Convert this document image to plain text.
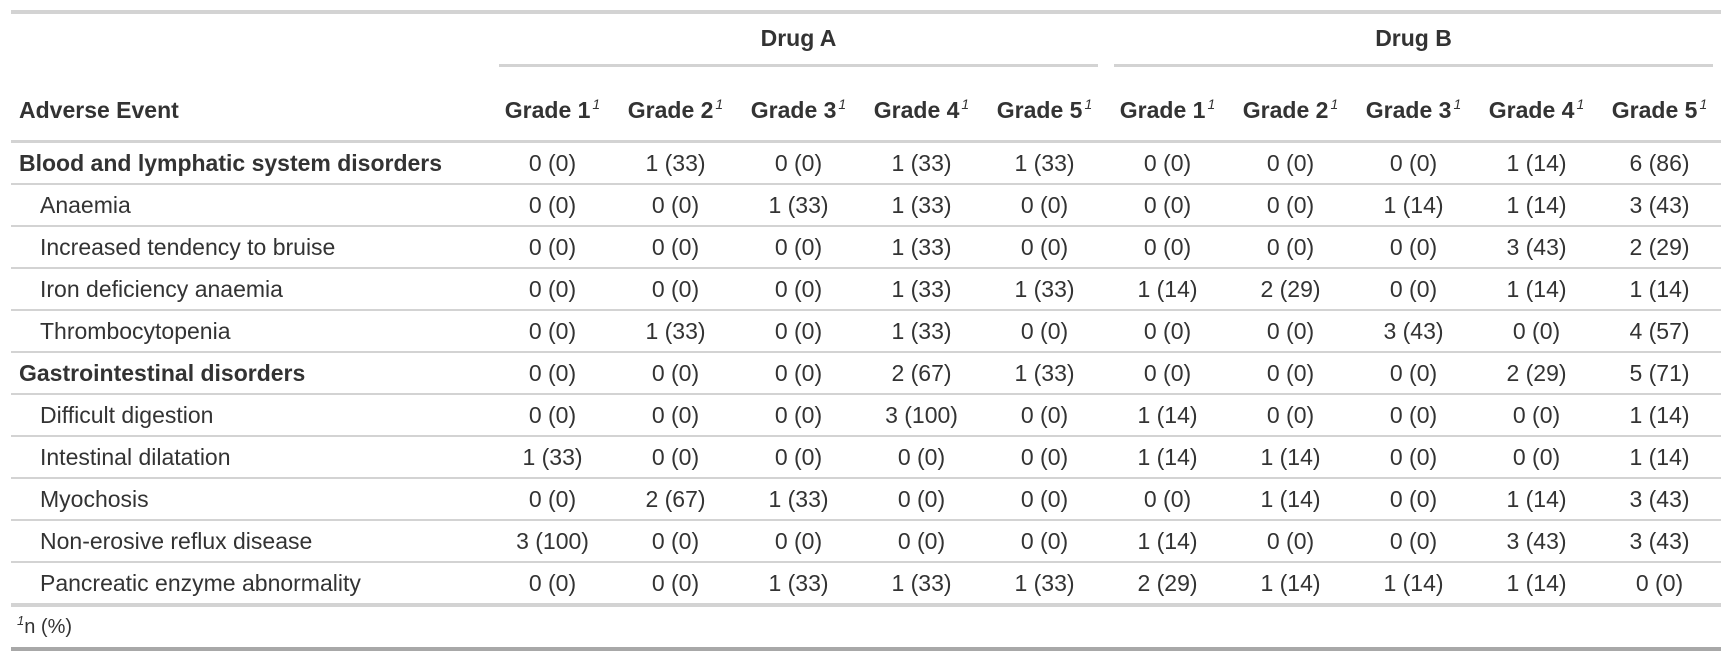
	Drug A					Drug B				

Adverse Event	Grade 1 $^1$	Grade 2 $^1$	Grade 3 $^1$	Grade 4 $^1$	Grade 5 $^1$	Grade 1 $^1$	Grade 2 $^1$	Grade 3 $^1$	Grade 4 $^1$	Grade 5 $^1$
Blood and lymphatic system disorders	0 (0)	1 (33)	0 (0)	1 (33)	1 (33)	0 (0)	0 (0)	0 (0)	1 (14)	6 (86)
Anaemia	0 (0)	0 (0)	1 (33)	1 (33)	0 (0)	0 (0)	0 (0)	1 (14)	1 (14)	3 (43)
Increased tendency to bruise	0 (0)	0 (0)	0 (0)	1 (33)	0 (0)	0 (0)	0 (0)	0 (0)	3 (43)	2 (29)
Iron deficiency anaemia	0 (0)	0 (0)	0 (0)	1 (33)	1 (33)	1 (14)	2 (29)	0 (0)	1 (14)	1 (14)
Thrombocytopenia	0 (0)	1 (33)	0 (0)	1 (33)	0 (0)	0 (0)	0 (0)	3 (43)	0 (0)	4 (57)
Gastrointestinal disorders	0 (0)	0 (0)	0 (0)	2 (67)	1 (33)	0 (0)	0 (0)	0 (0)	2 (29)	5 (71)
Difficult digestion	0 (0)	0 (0)	0 (0)	3 (100)	0 (0)	1 (14)	0 (0)	0 (0)	0 (0)	1 (14)
Intestinal dilatation	1 (33)	0 (0)	0 (0)	0 (0)	0 (0)	1 (14)	1 (14)	0 (0)	0 (0)	1 (14)
Myochosis	0 (0)	2 (67)	1 (33)	0 (0)	0 (0)	0 (0)	1 (14)	0 (0)	1 (14)	3 (43)
Non-erosive reflux disease	3 (100)	0 (0)	0 (0)	0 (0)	0 (0)	1 (14)	0 (0)	0 (0)	3 (43)	3 (43)
Pancreatic enzyme abnormality	0 (0)	0 (0)	1 (33)	1 (33)	1 (33)	2 (29)	1 (14)	1 (14)	1 (14)	0 (0)
$^1$n (%)										
